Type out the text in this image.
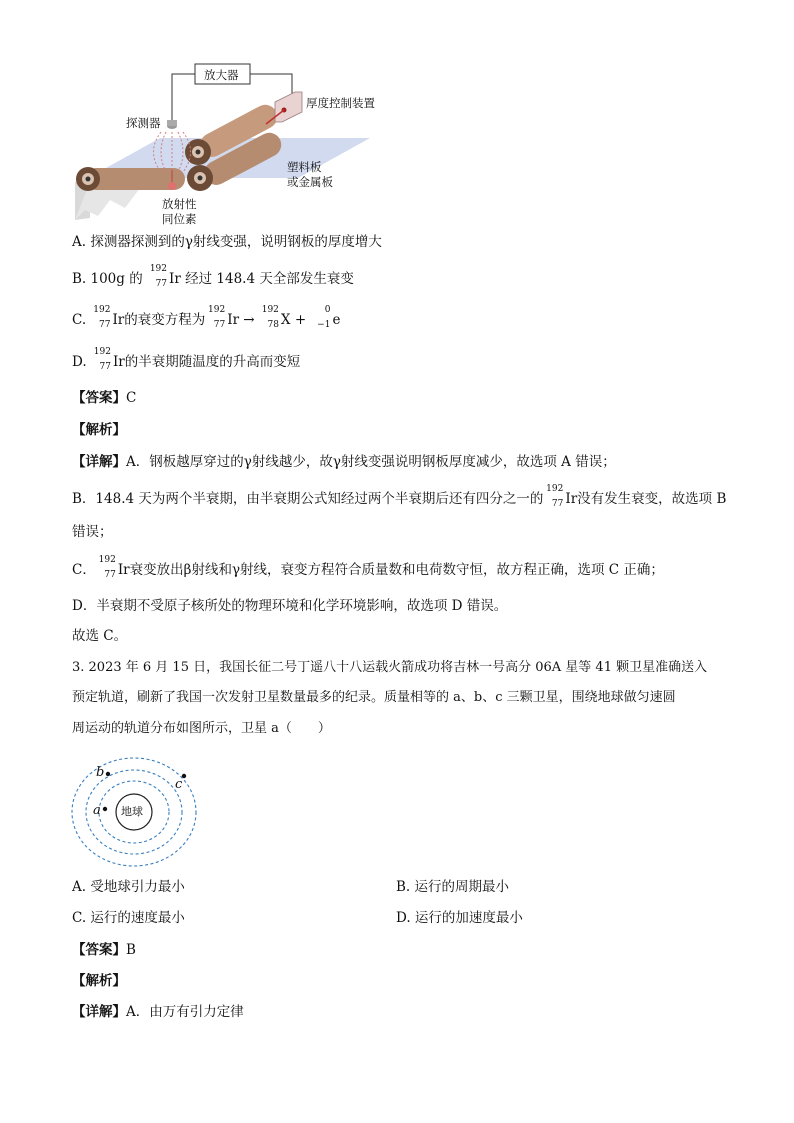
放大器
厚度控制装置
探测器
塑料板
或金属板
放射性
同位素
A. 探测器探测到的γ射线变强，说明钢板的厚度增大
B. 100g 的
192
77 Ir 经过 148.4 天全部发生衰变
C.
192
77 Ir的衰变方程为
192
77 Ir →
192
78 X +
0
−1 e
D.
192
77 Ir的半衰期随温度的升高而变短
【答案】C
【解析】
【详解】A．钢板越厚穿过的γ射线越少，故γ射线变强说明钢板厚度减少，故选项 A 错误；
B．148.4 天为两个半衰期，由半衰期公式知经过两个半衰期后还有四分之一的
192
77 Ir没有发生衰变，故选项 B
错误；
C．
192
77 Ir衰变放出β射线和γ射线，衰变方程符合质量数和电荷数守恒，故方程正确，选项 C 正确；
D．半衰期不受原子核所处的物理环境和化学环境影响，故选项 D 错误。
故选 C。
3. 2023 年 6 月 15 日，我国长征二号丁遥八十八运载火箭成功将吉林一号高分 06A 星等 41 颗卫星准确送入
预定轨道，刷新了我国一次发射卫星数量最多的纪录。质量相等的 a、b、c 三颗卫星，围绕地球做匀速圆
周运动的轨道分布如图所示，卫星 a（　　）
地球
b
c
a
A. 受地球引力最小	B. 运行的周期最小
C. 运行的速度最小	D. 运行的加速度最小
【答案】B
【解析】
【详解】A．由万有引力定律
